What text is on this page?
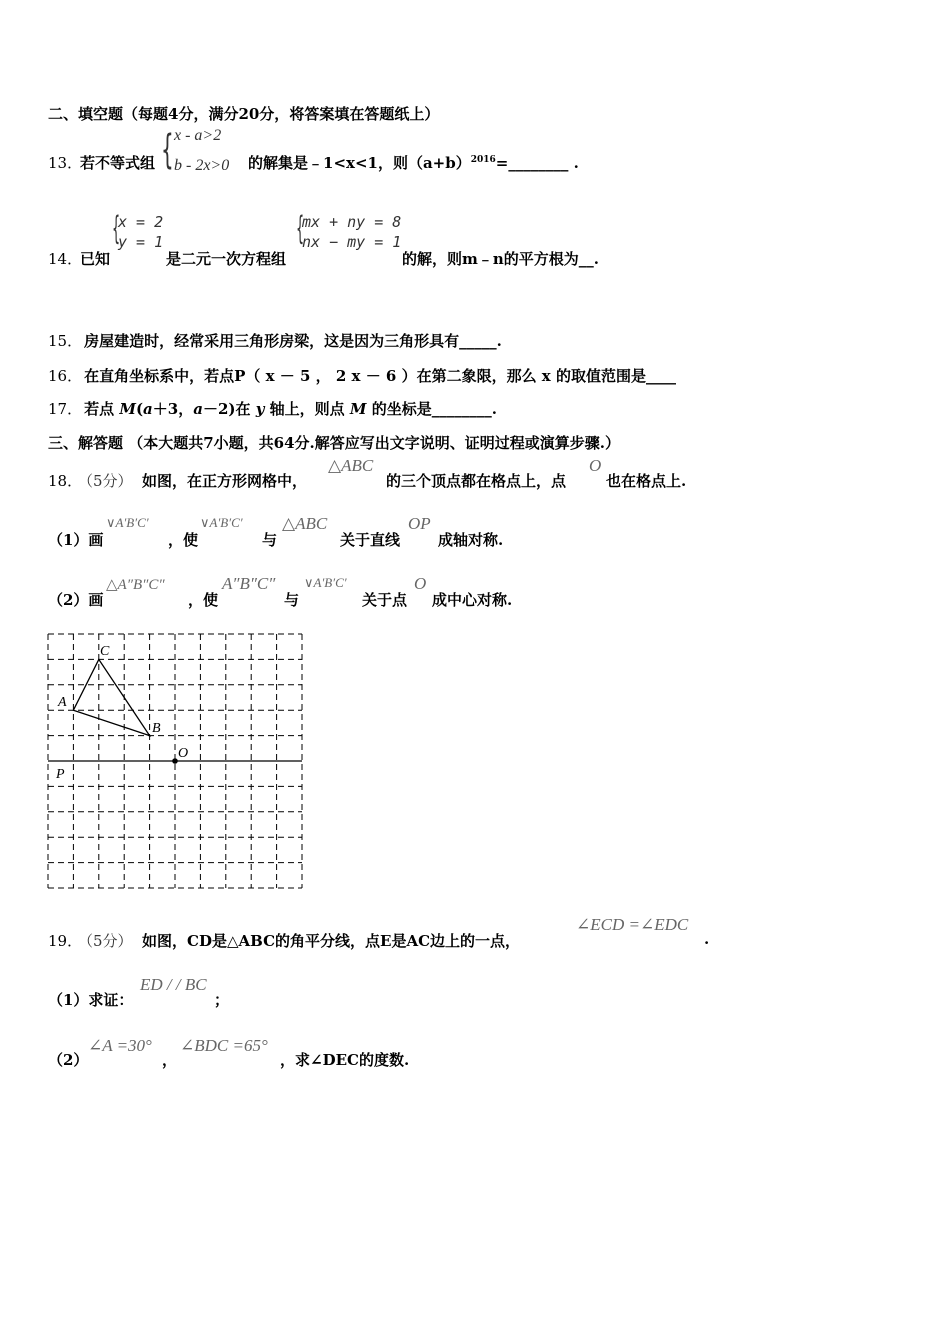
二、填空题（每题4分，满分20分，将答案填在答题纸上）
13．
若不等式组 { x - a>2
b - 2x>0 的解集是﹣1<x<1，则$(a+b)^{2016}=\_\_\_\_\_\_\_\_$ .
14．
已知
{
x = 2
y = 1
是二元一次方程组
{
mx + ny = 8
nx − my = 1
的解，则m﹣n的平方根为__.
15． 房屋建造时，经常采用三角形房梁，这是因为三角形具有_____.
16． 在直角坐标系中，若点P（ x － 5 ， 2 x － 6 ）在第二象限，那么 x 的取值范围是____
17． 若点 M(a＋3，a－2)在 y 轴上，则点 M 的坐标是________.
三、解答题 （本大题共7小题，共64分.解答应写出文字说明、证明过程或演算步骤.）
18．
（5分） 如图，在正方形网格中，
△ABC
的三个顶点都在格点上，点
O
也在格点上.
（1）画
∨A′B′C′
，使
∨A′B′C′
与
△ABC
关于直线
OP
成轴对称.
（2）画
△A″B″C″
，使
A″B″C″
与
∨A′B′C′
关于点
O
成中心对称.
A
C
B
O
P
19．
（5分） 如图，CD是△ABC的角平分线，点E是AC边上的一点，
∠ECD =∠EDC
.
（1）求证：
ED / / BC
；
（2）
∠A =30°
，
∠BDC =65°
，求∠DEC的度数.
